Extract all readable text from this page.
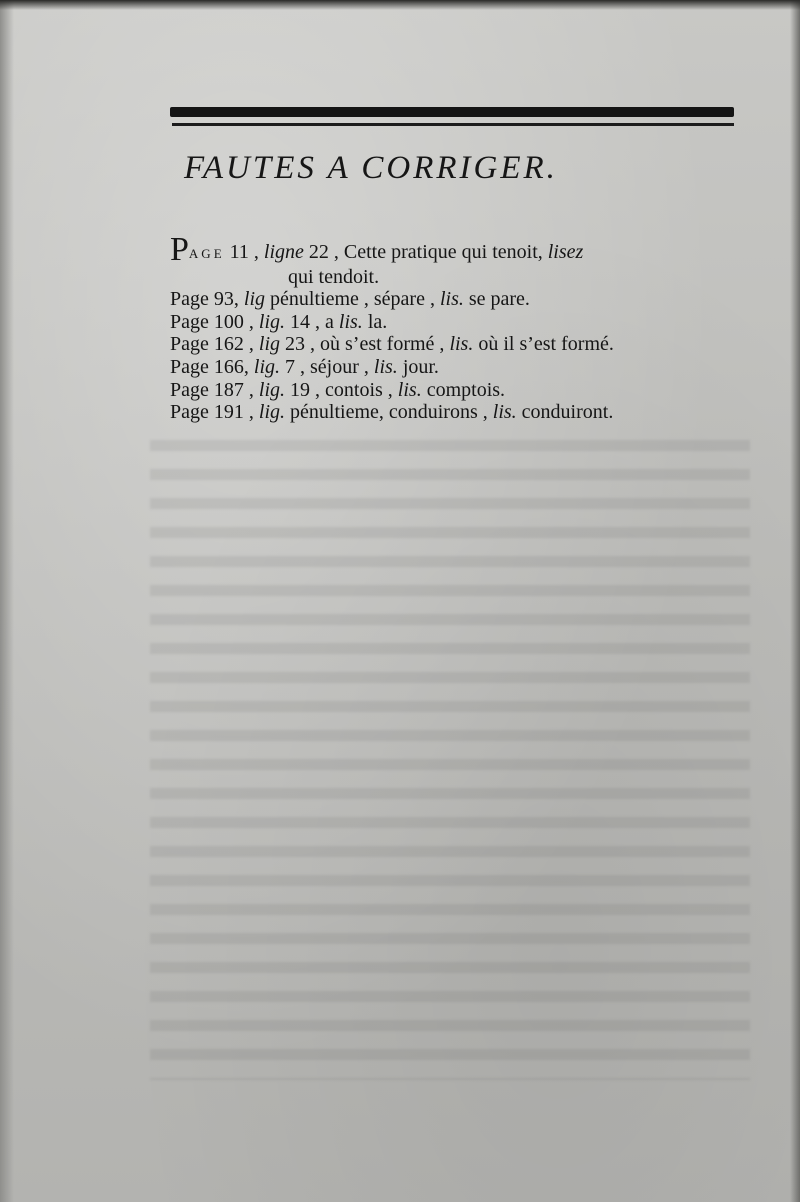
FAUTES A CORRIGER.
PAGE 11 , ligne 22 , Cette pratique qui tenoit, lisez
qui tendoit.
Page 93, lig pénultieme , sépare , lis. se pare.
Page 100 , lig. 14 , a lis. la.
Page 162 , lig 23 , où s’est formé , lis. où il s’est formé.
Page 166, lig. 7 , séjour , lis. jour.
Page 187 , lig. 19 , contois , lis. comptois.
Page 191 , lig. pénultieme, conduirons , lis. conduiront.
